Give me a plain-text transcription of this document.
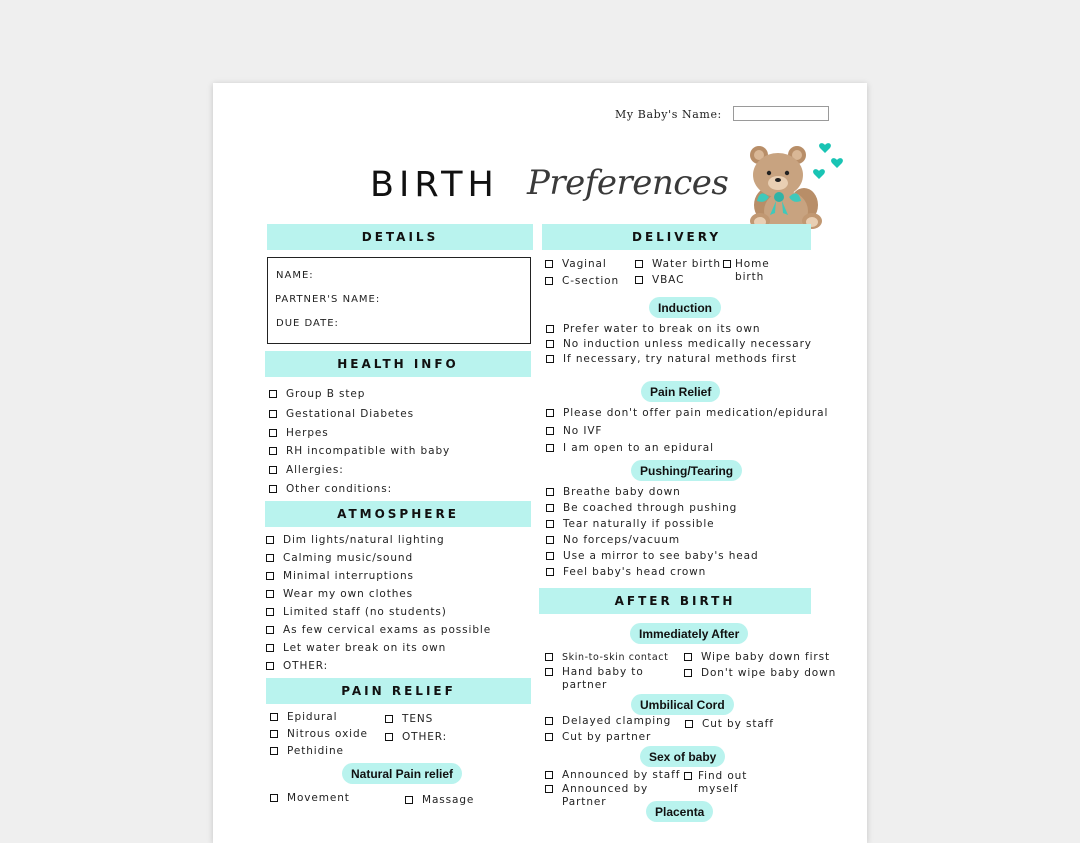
My Baby's Name:
BIRTH Preferences
DETAILS
NAME:
PARTNER'S NAME:
DUE DATE:
HEALTH INFO
Group B step
Gestational Diabetes
Herpes
RH incompatible with baby
Allergies:
Other conditions:
ATMOSPHERE
Dim lights/natural lighting
Calming music/sound
Minimal interruptions
Wear my own clothes
Limited staff (no students)
As few cervical exams as possible
Let water break on its own
OTHER:
PAIN RELIEF
Epidural
Nitrous oxide
Pethidine
TENS
OTHER:
Natural Pain relief
Movement	Massage
DELIVERY
Vaginal
C-section
Water birth
VBAC
Home birth
Induction
Prefer water to break on its own
No induction unless medically necessary
If necessary, try natural methods first
Pain Relief
Please don't offer pain medication/epidural
No IVF
I am open to an epidural
Pushing/Tearing
Breathe baby down
Be coached through pushing
Tear naturally if possible
No forceps/vacuum
Use a mirror to see baby's head
Feel baby's head crown
AFTER BIRTH
Immediately After
Skin-to-skin contact
Hand baby to partner
Wipe baby down first
Don't wipe baby down
Umbilical Cord
Delayed clamping
Cut by partner
Cut by staff
Sex of baby
Announced by staff
Announced by Partner
Find out myself
Placenta
